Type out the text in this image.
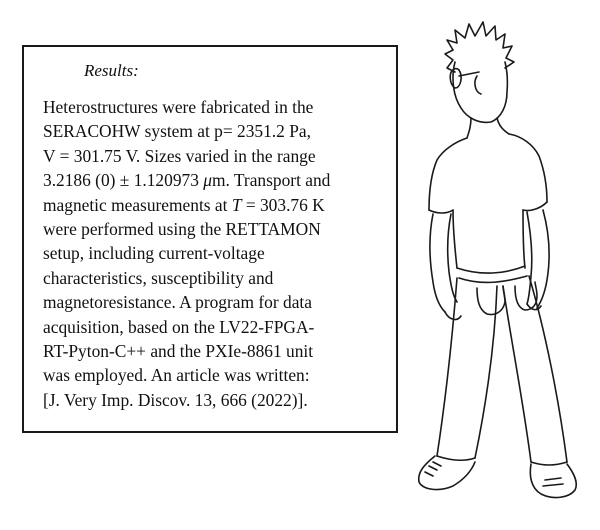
Results:
Heterostructures were fabricated in the
SERACOHW system at p= 2351.2 Pa,
V = 301.75 V. Sizes varied in the range
3.2186 (0) ± 1.120973 μm. Transport and
magnetic measurements at T = 303.76 K
were performed using the RETTAMON
setup, including current-voltage
characteristics, susceptibility and
magnetoresistance. A program for data
acquisition, based on the LV22-FPGA-
RT-Pyton-C++ and the PXIe-8861 unit
was employed. An article was written:
[J. Very Imp. Discov. 13, 666 (2022)].
